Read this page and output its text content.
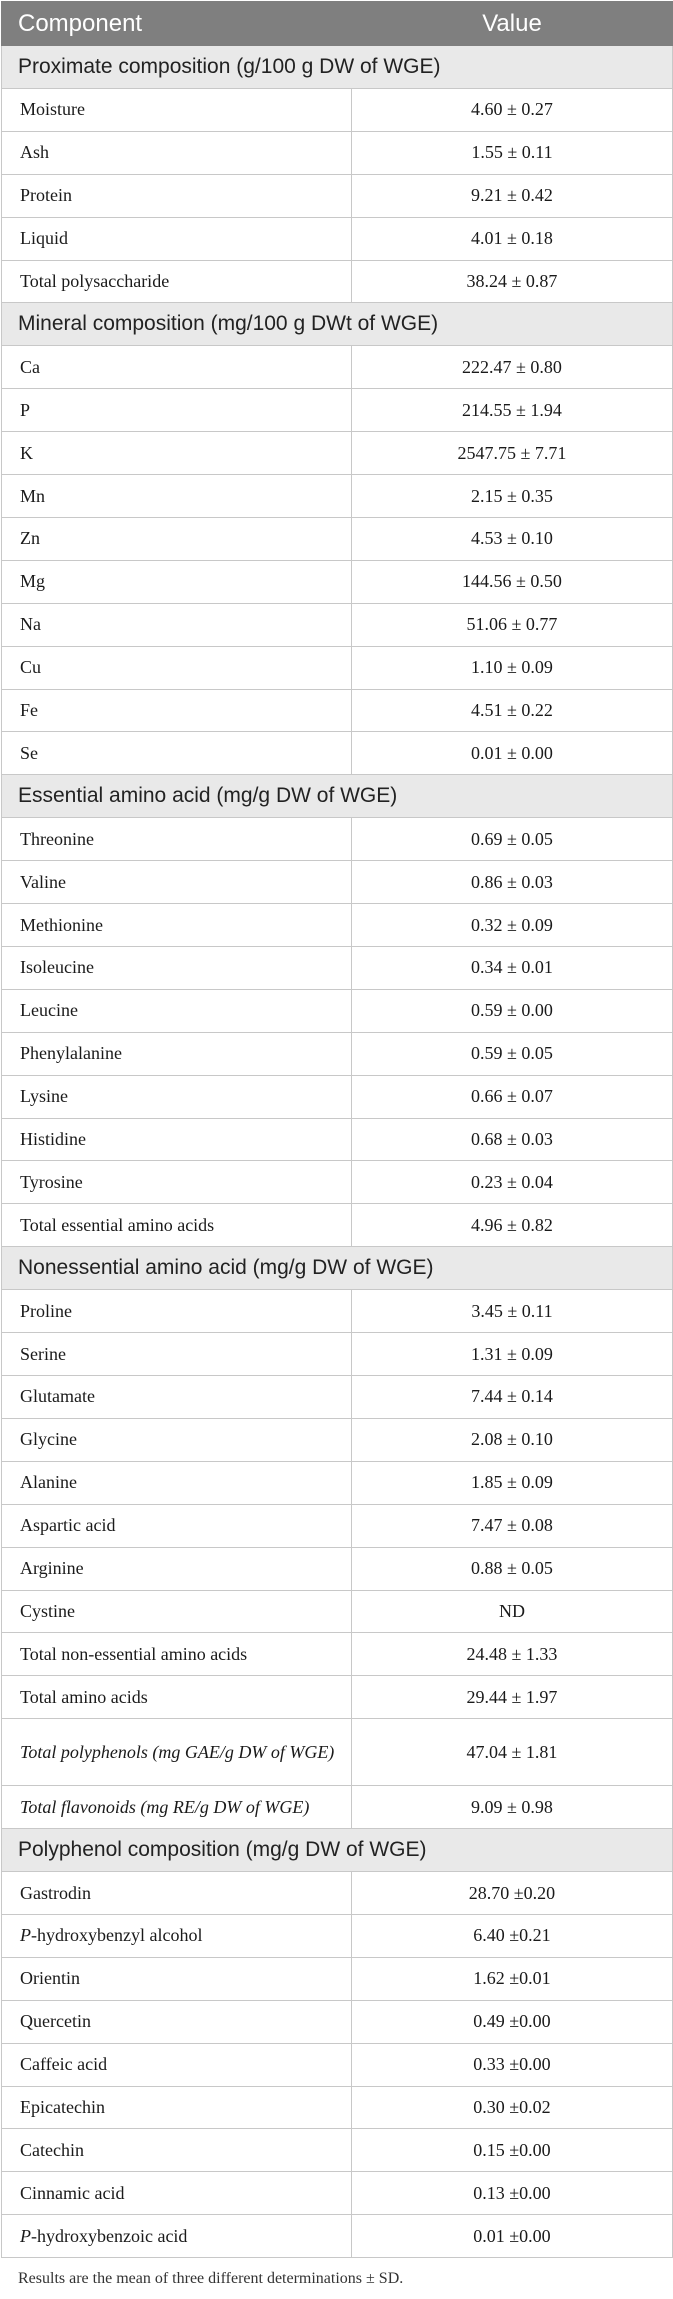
Component	Value
Proximate composition (g/100 g DW of WGE)	
Moisture	4.60 ± 0.27
Ash	1.55 ± 0.11
Protein	9.21 ± 0.42
Liquid	4.01 ± 0.18
Total polysaccharide	38.24 ± 0.87
Mineral composition (mg/100 g DWt of WGE)	
Ca	222.47 ± 0.80
P	214.55 ± 1.94
K	2547.75 ± 7.71
Mn	2.15 ± 0.35
Zn	4.53 ± 0.10
Mg	144.56 ± 0.50
Na	51.06 ± 0.77
Cu	1.10 ± 0.09
Fe	4.51 ± 0.22
Se	0.01 ± 0.00
Essential amino acid (mg/g DW of WGE)	
Threonine	0.69 ± 0.05
Valine	0.86 ± 0.03
Methionine	0.32 ± 0.09
Isoleucine	0.34 ± 0.01
Leucine	0.59 ± 0.00
Phenylalanine	0.59 ± 0.05
Lysine	0.66 ± 0.07
Histidine	0.68 ± 0.03
Tyrosine	0.23 ± 0.04
Total essential amino acids	4.96 ± 0.82
Nonessential amino acid (mg/g DW of WGE)	
Proline	3.45 ± 0.11
Serine	1.31 ± 0.09
Glutamate	7.44 ± 0.14
Glycine	2.08 ± 0.10
Alanine	1.85 ± 0.09
Aspartic acid	7.47 ± 0.08
Arginine	0.88 ± 0.05
Cystine	ND
Total non-essential amino acids	24.48 ± 1.33
Total amino acids	29.44 ± 1.97
Total polyphenols (mg GAE/g DW of WGE)	47.04 ± 1.81
Total flavonoids (mg RE/g DW of WGE)	9.09 ± 0.98
Polyphenol composition (mg/g DW of WGE)	
Gastrodin	28.70 ±0.20
P-hydroxybenzyl alcohol	6.40 ±0.21
Orientin	1.62 ±0.01
Quercetin	0.49 ±0.00
Caffeic acid	0.33 ±0.00
Epicatechin	0.30 ±0.02
Catechin	0.15 ±0.00
Cinnamic acid	0.13 ±0.00
P-hydroxybenzoic acid	0.01 ±0.00
Results are the mean of three different determinations ± SD.
